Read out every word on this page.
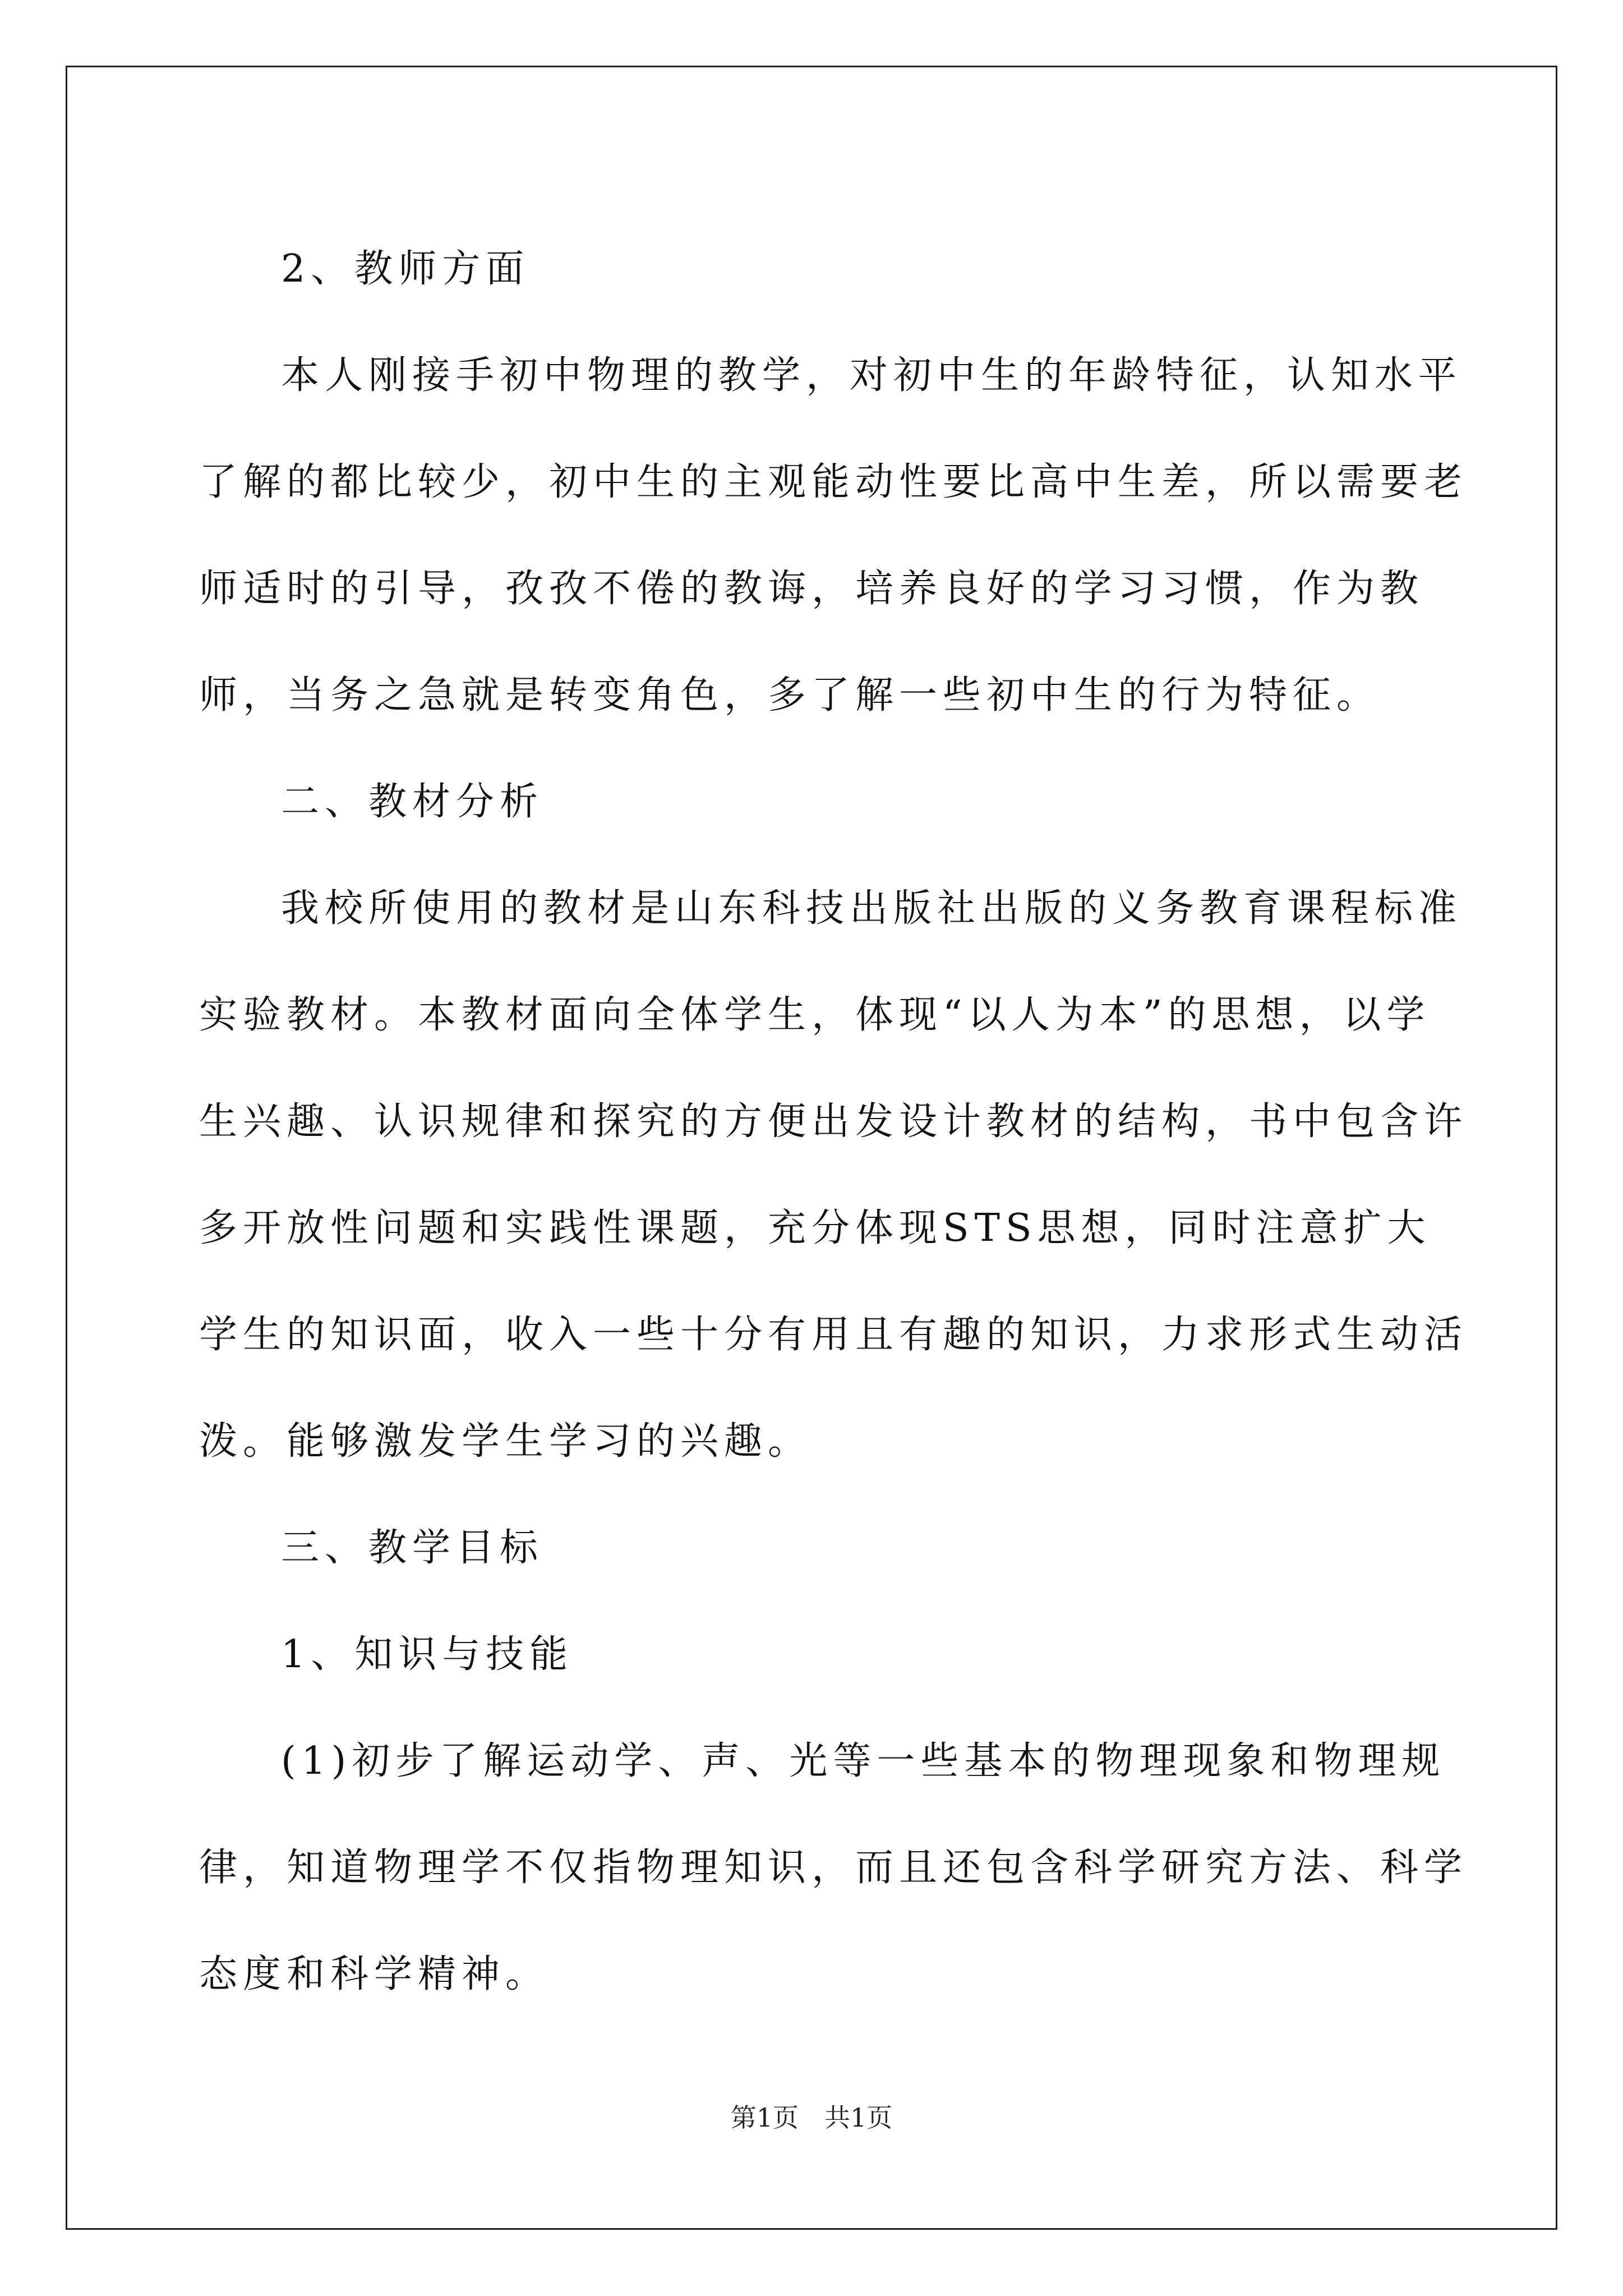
2、教师方面

本人刚接手初中物理的教学，对初中生的年龄特征，认知水平了解的都比较少，初中生的主观能动性要比高中生差，所以需要老师适时的引导，孜孜不倦的教诲，培养良好的学习习惯，作为教师，当务之急就是转变角色，多了解一些初中生的行为特征。

二、教材分析

我校所使用的教材是山东科技出版社出版的义务教育课程标准实验教材。本教材面向全体学生，体现“以人为本”的思想，以学生兴趣、认识规律和探究的方便出发设计教材的结构，书中包含许多开放性问题和实践性课题，充分体现STS思想，同时注意扩大学生的知识面，收入一些十分有用且有趣的知识，力求形式生动活泼。能够激发学生学习的兴趣。

三、教学目标

1、知识与技能

(1)初步了解运动学、声、光等一些基本的物理现象和物理规律，知道物理学不仅指物理知识，而且还包含科学研究方法、科学态度和科学精神。

第1页　共1页
